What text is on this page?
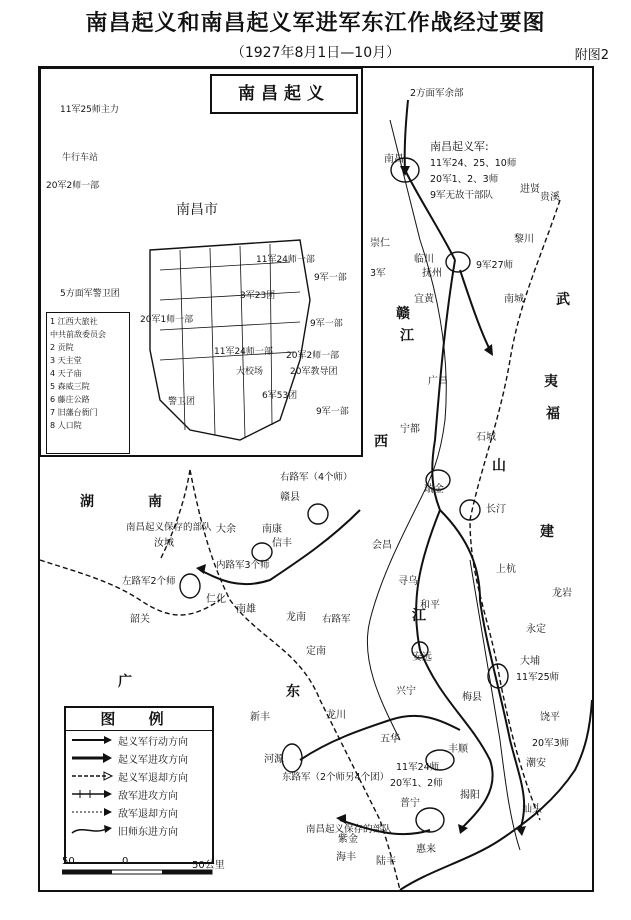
南昌起义和南昌起义军进军东江作战经过要图
（1927年8月1日—10月）	附图2
南昌起义
11军25师主力
20军2师一部
5方面军警卫团
11军24师一部
9军一部
3军23团
20军1师一部	9军一部
11军24师一部 20军2师一部
20军教导团
警卫团
6军53团
9军一部
牛行车站
大校场
南昌市
2方面军余部
南昌起义军:
11军24、25、10师
20军1、2、3师
9军无故干部队
9军27师
3军
右路军（4个师）
南昌起义保存的部队
内路军3个师
左路军2个师
右路军
11军25师
东路军（2个师另4个团）
11军24师
20军1、2师
20军3师
南昌起义保存的部队
南昌
临川
抚州
宜黄	南城
黎川
广昌
宁都
石城
瑞金
长汀
上杭
会昌
寻乌
安远
大余
信丰
南康
赣县
汝城
仁化
韶关
南雄
龙南
定南
和平
龙川
兴宁
梅县
大埔
饶平
潮安
汕头
揭阳
丰顺
普宁
海丰 陆丰
惠来
河源
新丰
五华
紫金
永定
龙岩
进贤
贵溪
崇仁
湖	南
广
东
江
西
福
建
武
夷
山
赣
江
1 江西大旅社
中共前敌委员会
2 贡院
3 天主堂
4 天子庙
5 森威三院
6 藤庄公路
7 旧藩台衙门
8 人口院
图 例
起义军行动方向
起义军进攻方向
起义军退却方向
敌军进攻方向
敌军退却方向
旧师东进方向
50	0	50公里
